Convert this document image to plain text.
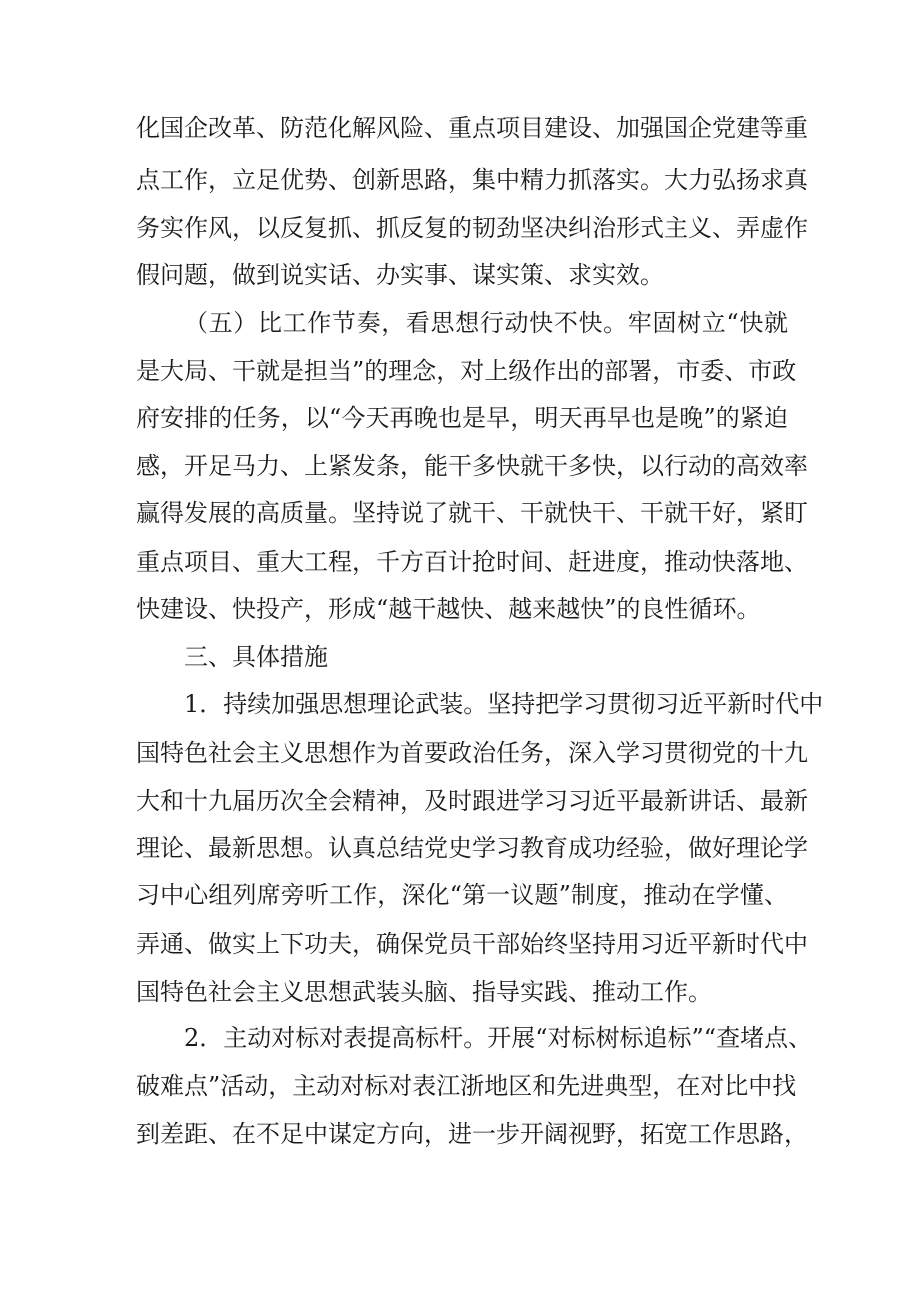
化国企改革、防范化解风险、重点项目建设、加强国企党建等重
点工作，立足优势、创新思路，集中精力抓落实。大力弘扬求真
务实作风，以反复抓、抓反复的韧劲坚决纠治形式主义、弄虚作
假问题，做到说实话、办实事、谋实策、求实效。
（五）比工作节奏，看思想行动快不快。牢固树立“快就
是大局、干就是担当”的理念，对上级作出的部署，市委、市政
府安排的任务，以“今天再晚也是早，明天再早也是晚”的紧迫
感，开足马力、上紧发条，能干多快就干多快，以行动的高效率
赢得发展的高质量。坚持说了就干、干就快干、干就干好，紧盯
重点项目、重大工程，千方百计抢时间、赶进度，推动快落地、
快建设、快投产，形成“越干越快、越来越快”的良性循环。
三、具体措施
1．持续加强思想理论武装。坚持把学习贯彻习近平新时代中
国特色社会主义思想作为首要政治任务，深入学习贯彻党的十九
大和十九届历次全会精神，及时跟进学习习近平最新讲话、最新
理论、最新思想。认真总结党史学习教育成功经验，做好理论学
习中心组列席旁听工作，深化“第一议题”制度，推动在学懂、
弄通、做实上下功夫，确保党员干部始终坚持用习近平新时代中
国特色社会主义思想武装头脑、指导实践、推动工作。
2．主动对标对表提高标杆。开展“对标树标追标”“查堵点、
破难点”活动，主动对标对表江浙地区和先进典型，在对比中找
到差距、在不足中谋定方向，进一步开阔视野，拓宽工作思路，
